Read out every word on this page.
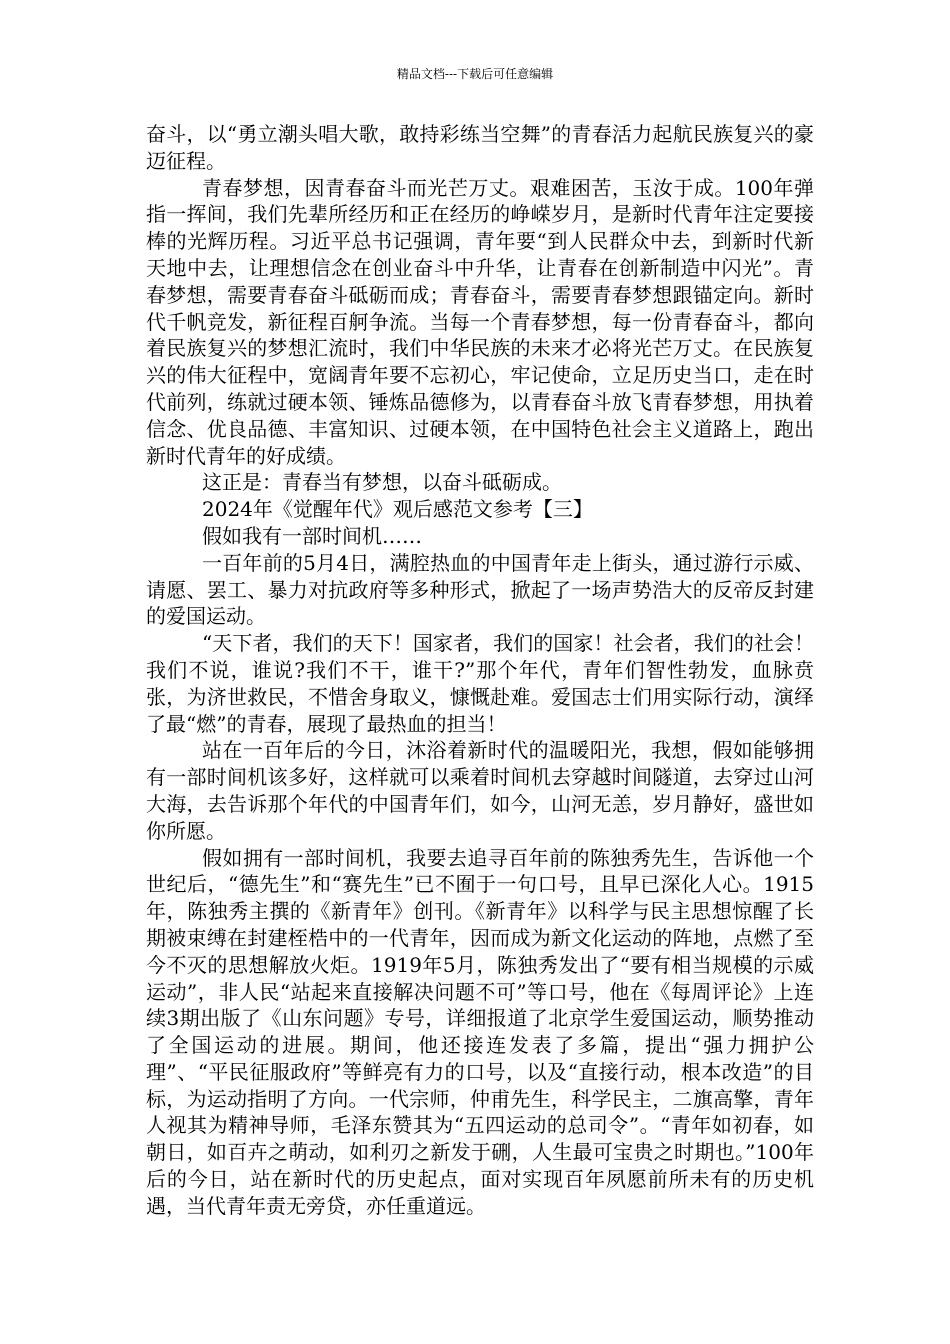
精品文档---下载后可任意编辑

奋斗，以“勇立潮头唱大歌，敢持彩练当空舞”的青春活力起航民族复兴的豪迈征程。

青春梦想，因青春奋斗而光芒万丈。艰难困苦，玉汝于成。100年弹指一挥间，我们先辈所经历和正在经历的峥嵘岁月，是新时代青年注定要接棒的光辉历程。习近平总书记强调，青年要“到人民群众中去，到新时代新天地中去，让理想信念在创业奋斗中升华，让青春在创新制造中闪光”。青春梦想，需要青春奋斗砥砺而成；青春奋斗，需要青春梦想跟锚定向。新时代千帆竞发，新征程百舸争流。当每一个青春梦想，每一份青春奋斗，都向着民族复兴的梦想汇流时，我们中华民族的未来才必将光芒万丈。在民族复兴的伟大征程中，宽阔青年要不忘初心，牢记使命，立足历史当口，走在时代前列，练就过硬本领、锤炼品德修为，以青春奋斗放飞青春梦想，用执着信念、优良品德、丰富知识、过硬本领，在中国特色社会主义道路上，跑出新时代青年的好成绩。

这正是：青春当有梦想，以奋斗砥砺成。

2024年《觉醒年代》观后感范文参考【三】

假如我有一部时间机……

一百年前的5月4日，满腔热血的中国青年走上街头，通过游行示威、请愿、罢工、暴力对抗政府等多种形式，掀起了一场声势浩大的反帝反封建的爱国运动。

“天下者，我们的天下！国家者，我们的国家！社会者，我们的社会！我们不说，谁说?我们不干，谁干?”那个年代，青年们智性勃发，血脉贲张，为济世救民，不惜舍身取义，慷慨赴难。爱国志士们用实际行动，演绎了最“燃”的青春，展现了最热血的担当！

站在一百年后的今日，沐浴着新时代的温暖阳光，我想，假如能够拥有一部时间机该多好，这样就可以乘着时间机去穿越时间隧道，去穿过山河大海，去告诉那个年代的中国青年们，如今，山河无恙，岁月静好，盛世如你所愿。

假如拥有一部时间机，我要去追寻百年前的陈独秀先生，告诉他一个世纪后，“德先生”和“赛先生”已不囿于一句口号，且早已深化人心。1915年，陈独秀主撰的《新青年》创刊。《新青年》以科学与民主思想惊醒了长期被束缚在封建桎梏中的一代青年，因而成为新文化运动的阵地，点燃了至今不灭的思想解放火炬。1919年5月，陈独秀发出了“要有相当规模的示威运动”，非人民“站起来直接解决问题不可”等口号，他在《每周评论》上连续3期出版了《山东问题》专号，详细报道了北京学生爱国运动，顺势推动了全国运动的进展。期间，他还接连发表了多篇，提出“强力拥护公理”、“平民征服政府”等鲜亮有力的口号，以及“直接行动，根本改造”的目标，为运动指明了方向。一代宗师，仲甫先生，科学民主，二旗高擎，青年人视其为精神导师，毛泽东赞其为“五四运动的总司令”。“青年如初春，如朝日，如百卉之萌动，如利刃之新发于硎，人生最可宝贵之时期也。”100年后的今日，站在新时代的历史起点，面对实现百年夙愿前所未有的历史机遇，当代青年责无旁贷，亦任重道远。
